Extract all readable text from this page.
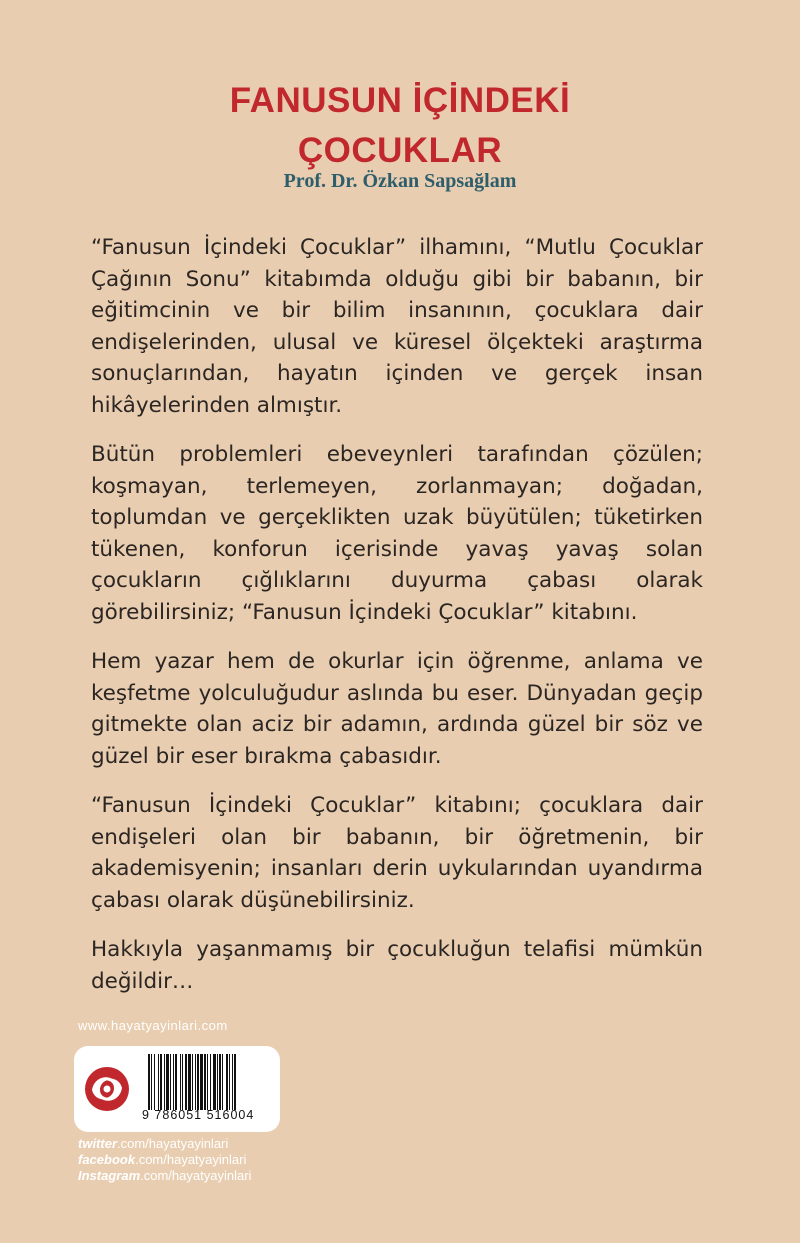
FANUSUN İÇİNDEKİ
ÇOCUKLAR
Prof. Dr. Özkan Sapsağlam

“Fanusun İçindeki Çocuklar” ilhamını, “Mutlu Çocuklar Çağının Sonu” kitabımda olduğu gibi bir babanın, bir eğitimcinin ve bir bilim insanının, çocuklara dair endişelerinden, ulusal ve küresel ölçekteki araştırma sonuçlarından, hayatın içinden ve gerçek insan hikâyelerinden almıştır.

Bütün problemleri ebeveynleri tarafından çözülen; koşmayan, terlemeyen, zorlanmayan; doğadan, toplumdan ve gerçeklikten uzak büyütülen; tüketirken tükenen, konforun içerisinde yavaş yavaş solan çocukların çığlıklarını duyurma çabası olarak görebilirsiniz; “Fanusun İçindeki Çocuklar” kitabını.

Hem yazar hem de okurlar için öğrenme, anlama ve keşfetme yolculuğudur aslında bu eser. Dünyadan geçip gitmekte olan aciz bir adamın, ardında güzel bir söz ve güzel bir eser bırakma çabasıdır.

“Fanusun İçindeki Çocuklar” kitabını; çocuklara dair endişeleri olan bir babanın, bir öğretmenin, bir akademisyenin; insanları derin uykularından uyandırma çabası olarak düşünebilirsiniz.

Hakkıyla yaşanmamış bir çocukluğun telafisi mümkün değildir…

www.hayatyayinlari.com
9 786051 516004
twitter.com/hayatyayinlari
facebook.com/hayatyayinlari
Instagram.com/hayatyayinlari
